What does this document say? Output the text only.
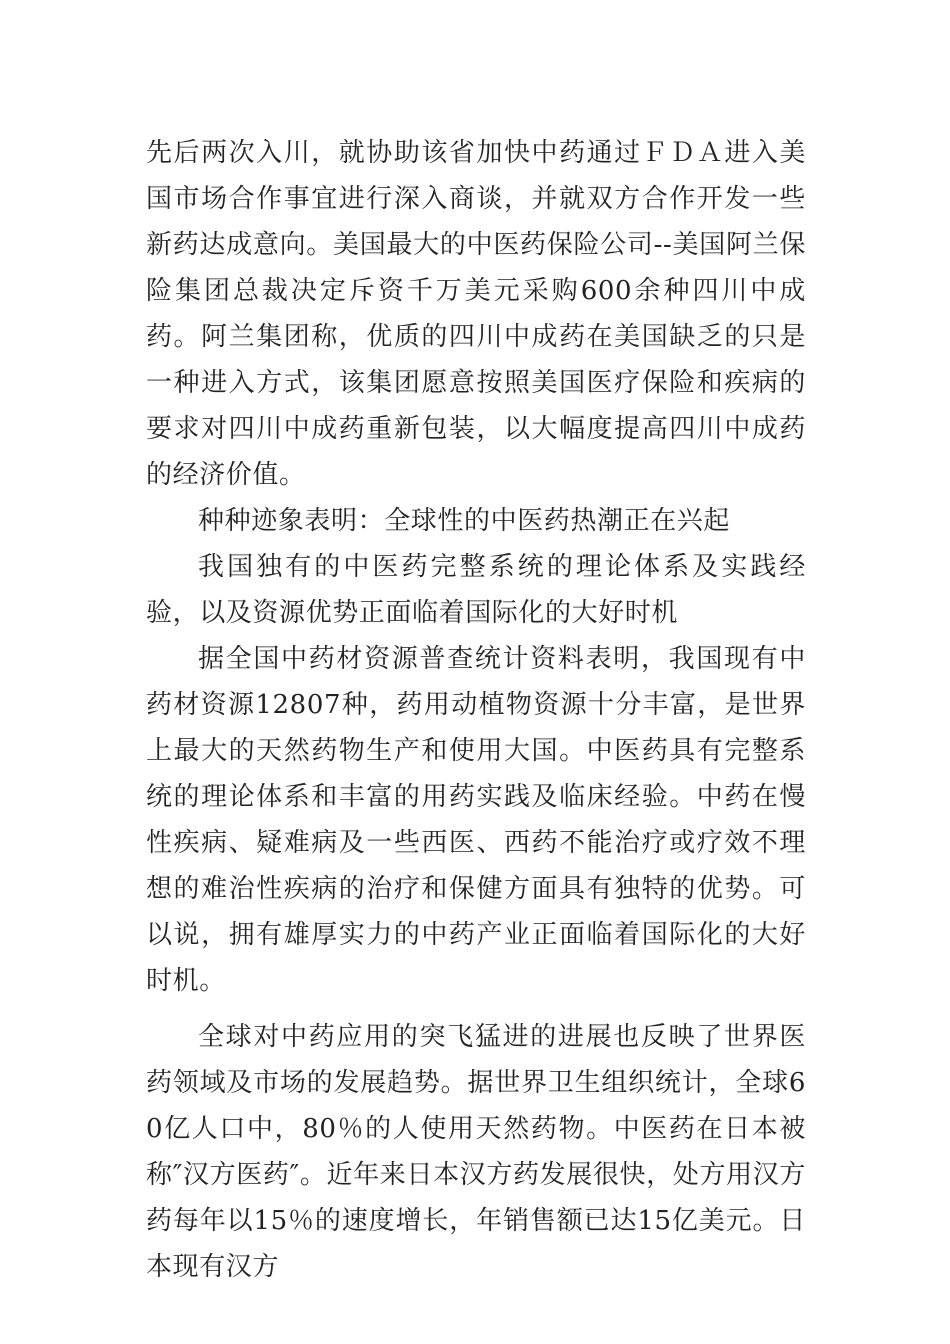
先后两次入川，就协助该省加快中药通过ＦＤＡ进入美国市场合作事宜进行深入商谈，并就双方合作开发一些新药达成意向。美国最大的中医药保险公司--美国阿兰保险集团总裁决定斥资千万美元采购600余种四川中成药。阿兰集团称，优质的四川中成药在美国缺乏的只是一种进入方式，该集团愿意按照美国医疗保险和疾病的要求对四川中成药重新包装，以大幅度提高四川中成药的经济价值。

种种迹象表明：全球性的中医药热潮正在兴起

我国独有的中医药完整系统的理论体系及实践经验，以及资源优势正面临着国际化的大好时机

据全国中药材资源普查统计资料表明，我国现有中药材资源12807种，药用动植物资源十分丰富，是世界上最大的天然药物生产和使用大国。中医药具有完整系统的理论体系和丰富的用药实践及临床经验。中药在慢性疾病、疑难病及一些西医、西药不能治疗或疗效不理想的难治性疾病的治疗和保健方面具有独特的优势。可以说，拥有雄厚实力的中药产业正面临着国际化的大好时机。

全球对中药应用的突飞猛进的进展也反映了世界医药领域及市场的发展趋势。据世界卫生组织统计，全球60亿人口中，80％的人使用天然药物。中医药在日本被称″汉方医药″。近年来日本汉方药发展很快，处方用汉方药每年以15％的速度增长，年销售额已达15亿美元。日本现有汉方
